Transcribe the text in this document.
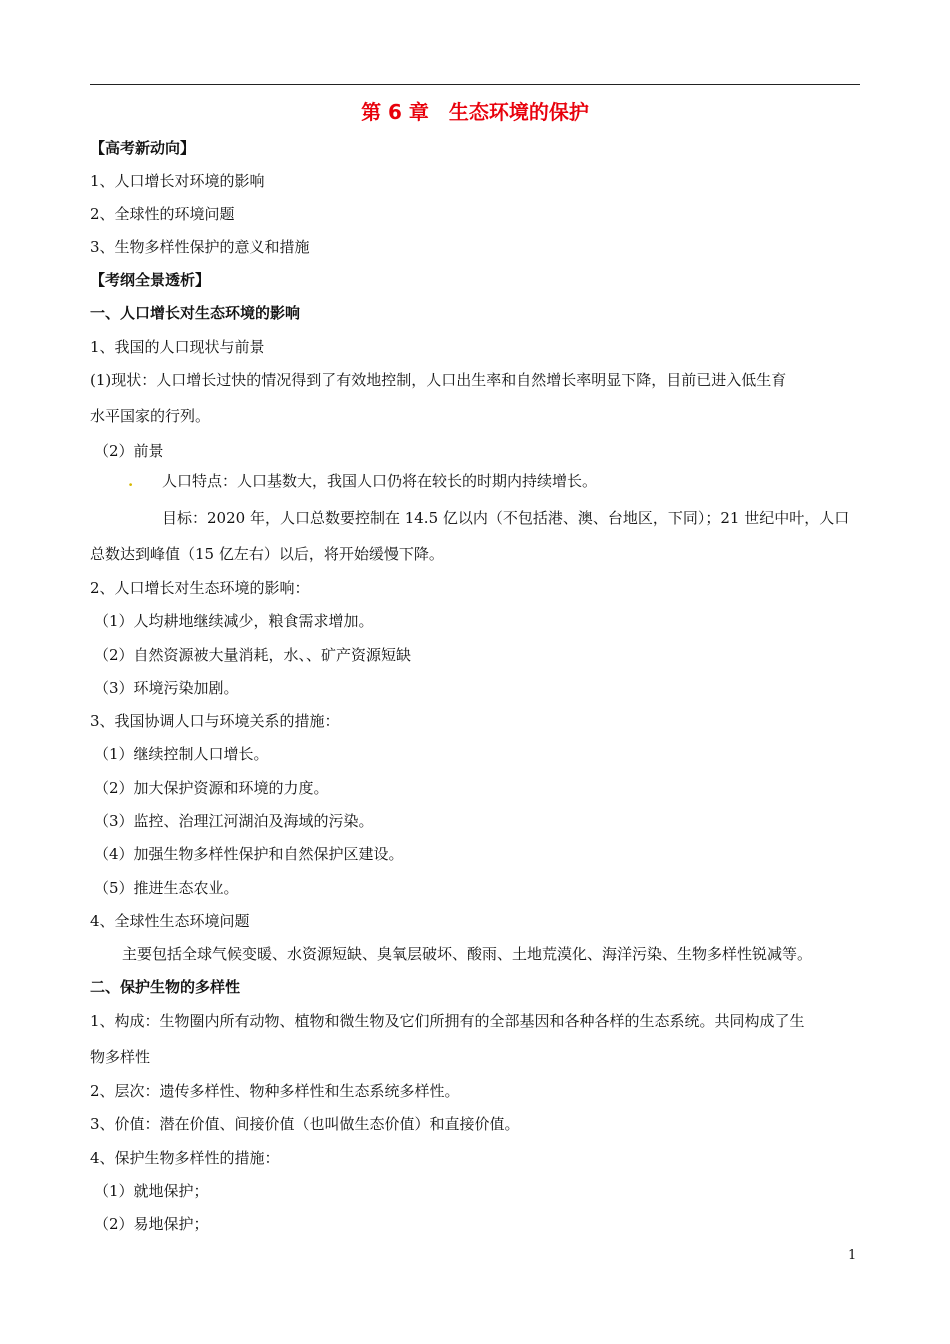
第 6 章　生态环境的保护
【高考新动向】
1、人口增长对环境的影响
2、全球性的环境问题
3、生物多样性保护的意义和措施
【考纲全景透析】
一、人口增长对生态环境的影响
1、我国的人口现状与前景
(1)现状：人口增长过快的情况得到了有效地控制，人口出生率和自然增长率明显下降，目前已进入低生育
水平国家的行列。
（2）前景
. 人口特点：人口基数大，我国人口仍将在较长的时期内持续增长。
目标：2020 年，人口总数要控制在 14.5 亿以内（不包括港、澳、台地区，下同）；21 世纪中叶，人口
总数达到峰值（15 亿左右）以后，将开始缓慢下降。
2、人口增长对生态环境的影响：
（1）人均耕地继续减少，粮食需求增加。
（2）自然资源被大量消耗，水、、矿产资源短缺
（3）环境污染加剧。
3、我国协调人口与环境关系的措施：
（1）继续控制人口增长。
（2）加大保护资源和环境的力度。
（3）监控、治理江河湖泊及海域的污染。
（4）加强生物多样性保护和自然保护区建设。
（5）推进生态农业。
4、全球性生态环境问题
主要包括全球气候变暖、水资源短缺、臭氧层破坏、酸雨、土地荒漠化、海洋污染、生物多样性锐减等。
二、保护生物的多样性
1、构成：生物圈内所有动物、植物和微生物及它们所拥有的全部基因和各种各样的生态系统。共同构成了生
物多样性
2、层次：遗传多样性、物种多样性和生态系统多样性。
3、价值：潜在价值、间接价值（也叫做生态价值）和直接价值。
4、保护生物多样性的措施：
（1）就地保护；
（2）易地保护；
1
